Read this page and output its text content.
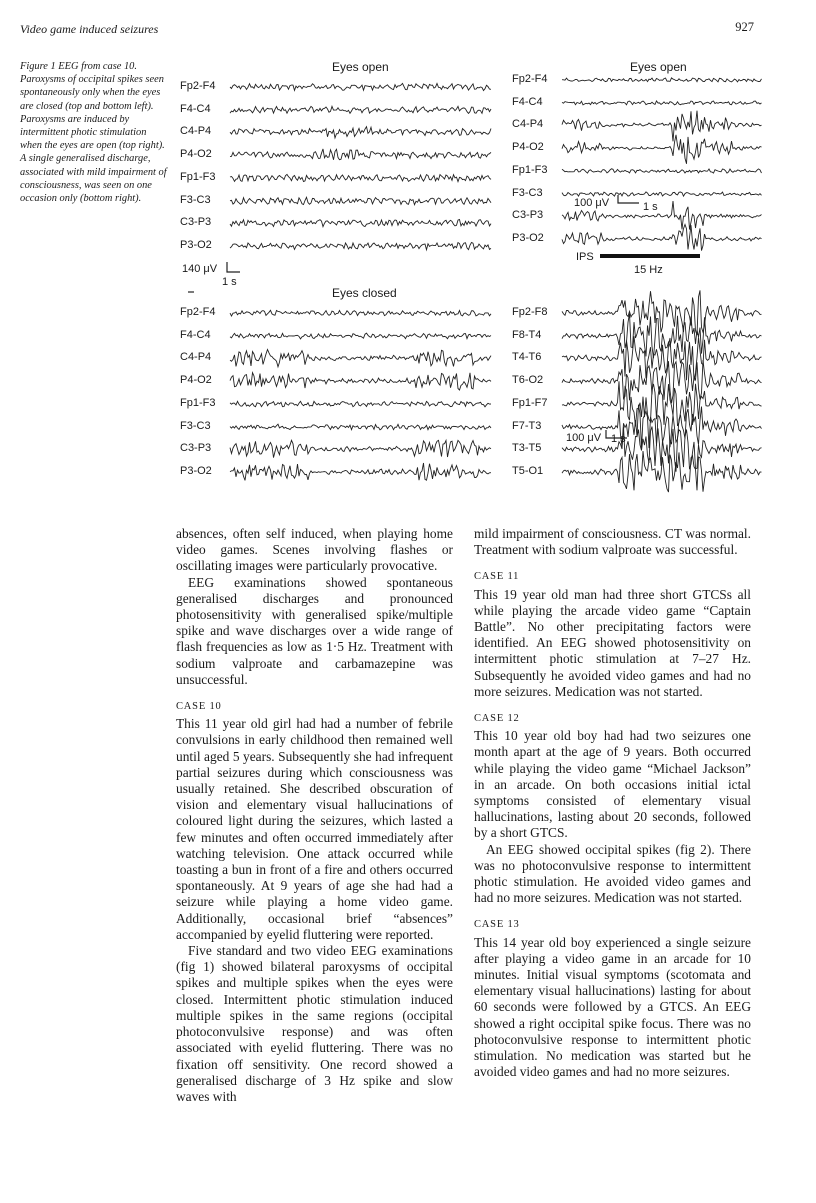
Video game induced seizures	927
Figure 1 EEG from case 10. Paroxysms of occipital spikes seen spontaneously only when the eyes are closed (top and bottom left). Paroxysms are induced by intermittent photic stimulation when the eyes are open (top right). A single generalised discharge, associated with mild impairment of consciousness, was seen on one occasion only (bottom right).
Eyes open
Fp2-F4
F4-C4
C4-P4
P4-O2
Fp1-F3
F3-C3
C3-P3
P3-O2
Eyes open
Fp2-F4
F4-C4
C4-P4
P4-O2
Fp1-F3
F3-C3
C3-P3
P3-O2
Eyes closed
Fp2-F4
F4-C4
C4-P4
P4-O2
Fp1-F3
F3-C3
C3-P3
P3-O2
Fp2-F8
F8-T4
T4-T6
T6-O2
Fp1-F7
F7-T3
T3-T5
T5-O1
140 μV
1 s
100 μV	1 s
IPS
15 Hz
100 μV 1 s

absences, often self induced, when playing home video games. Scenes involving flashes or oscillating images were particularly provocative.

EEG examinations showed spontaneous generalised discharges and pronounced photosensitivity with generalised spike/multiple spike and wave discharges over a wide range of flash frequencies as low as 1·5 Hz. Treatment with sodium valproate and carbamazepine was unsuccessful.

CASE 10

This 11 year old girl had had a number of febrile convulsions in early childhood then remained well until aged 5 years. Subsequently she had infrequent partial seizures during which consciousness was usually retained. She described obscuration of vision and elementary visual hallucinations of coloured light during the seizures, which lasted a few minutes and often occurred immediately after watching television. One attack occurred while toasting a bun in front of a fire and others occurred spontaneously. At 9 years of age she had had a seizure while playing a home video game. Additionally, occasional brief “absences” accompanied by eyelid fluttering were reported.

Five standard and two video EEG examinations (fig 1) showed bilateral paroxysms of occipital spikes and multiple spikes when the eyes were closed. Intermittent photic stimulation induced multiple spikes in the same regions (occipital photoconvulsive response) and was often associated with eyelid fluttering. There was no fixation off sensitivity. One record showed a generalised discharge of 3 Hz spike and slow waves with

mild impairment of consciousness. CT was normal. Treatment with sodium valproate was successful.

CASE 11

This 19 year old man had three short GTCSs all while playing the arcade video game “Captain Battle”. No other precipitating factors were identified. An EEG showed photosensitivity on intermittent photic stimulation at 7–27 Hz. Subsequently he avoided video games and had no more seizures. Medication was not started.

CASE 12

This 10 year old boy had had two seizures one month apart at the age of 9 years. Both occurred while playing the video game “Michael Jackson” in an arcade. On both occasions initial ictal symptoms consisted of elementary visual hallucinations, lasting about 20 seconds, followed by a short GTCS.

An EEG showed occipital spikes (fig 2). There was no photoconvulsive response to intermittent photic stimulation. He avoided video games and had no more seizures. Medication was not started.

CASE 13

This 14 year old boy experienced a single seizure after playing a video game in an arcade for 10 minutes. Initial visual symptoms (scotomata and elementary visual hallucinations) lasting for about 60 seconds were followed by a GTCS. An EEG showed a right occipital spike focus. There was no photoconvulsive response to intermittent photic stimulation. No medication was started but he avoided video games and had no more seizures.
